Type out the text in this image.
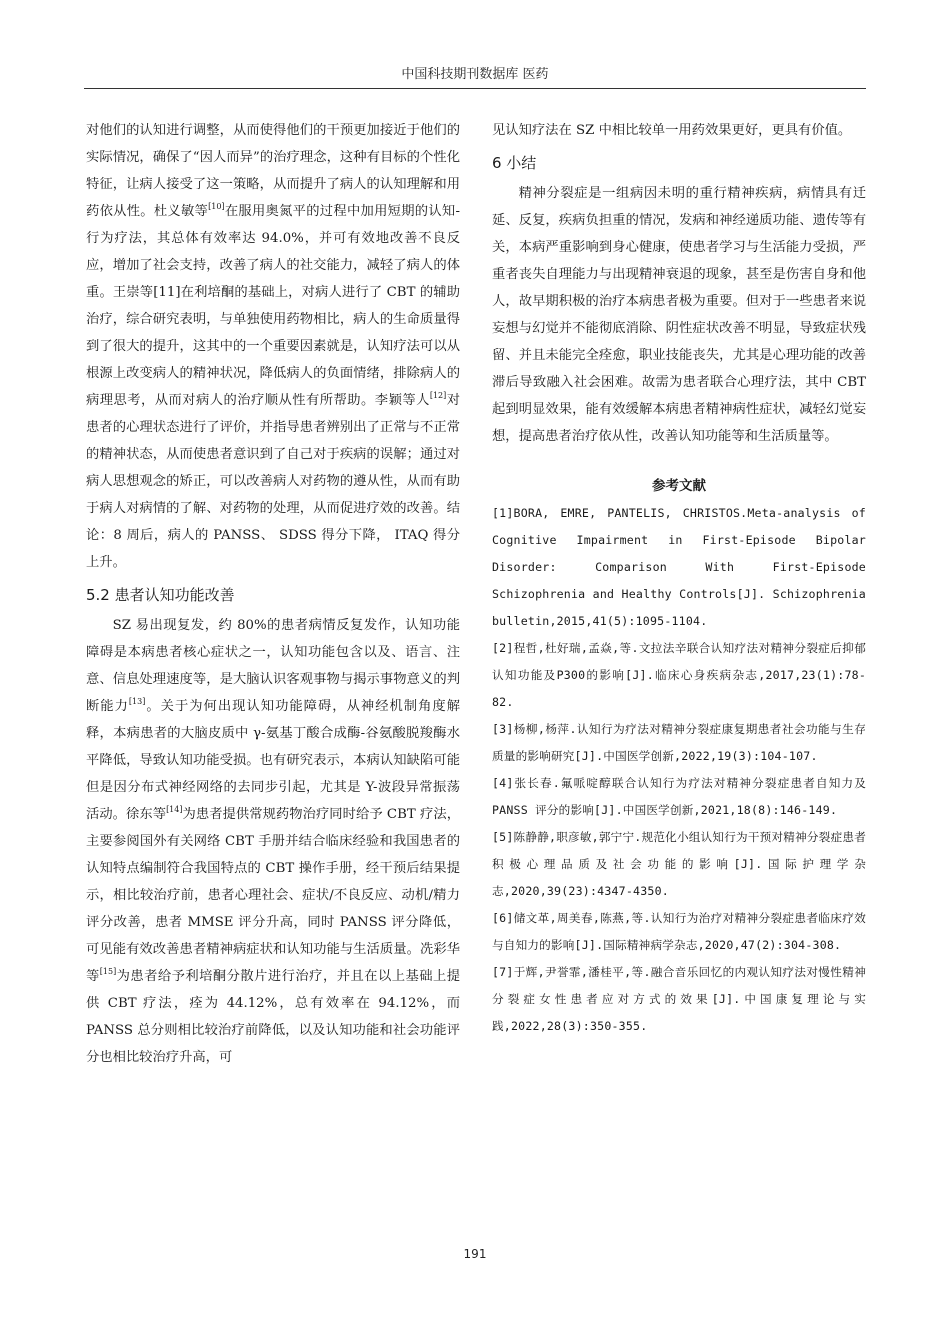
中国科技期刊数据库 医药

对他们的认知进行调整，从而使得他们的干预更加接近于他们的实际情况，确保了“因人而异”的治疗理念，这种有目标的个性化特征，让病人接受了这一策略，从而提升了病人的认知理解和用药依从性。杜义敏等[10]在服用奥氮平的过程中加用短期的认知-行为疗法，其总体有效率达 94.0%，并可有效地改善不良反应，增加了社会支持，改善了病人的社交能力，减轻了病人的体重。王崇等[11]在利培酮的基础上，对病人进行了 CBT 的辅助治疗，综合研究表明，与单独使用药物相比，病人的生命质量得到了很大的提升，这其中的一个重要因素就是，认知疗法可以从根源上改变病人的精神状况，降低病人的负面情绪，排除病人的病理思考，从而对病人的治疗顺从性有所帮助。李颖等人[12]对患者的心理状态进行了评价，并指导患者辨别出了正常与不正常的精神状态，从而使患者意识到了自己对于疾病的误解；通过对病人思想观念的矫正，可以改善病人对药物的遵从性，从而有助于病人对病情的了解、对药物的处理，从而促进疗效的改善。结论：8 周后，病人的 PANSS、 SDSS 得分下降， ITAQ 得分上升。

5.2 患者认知功能改善

SZ 易出现复发，约 80%的患者病情反复发作，认知功能障碍是本病患者核心症状之一，认知功能包含以及、语言、注意、信息处理速度等，是大脑认识客观事物与揭示事物意义的判断能力[13]。关于为何出现认知功能障碍，从神经机制角度解释，本病患者的大脑皮质中 γ-氨基丁酸合成酶-谷氨酸脱羧酶水平降低，导致认知功能受损。也有研究表示，本病认知缺陷可能但是因分布式神经网络的去同步引起，尤其是 Y-波段异常振荡活动。徐东等[14]为患者提供常规药物治疗同时给予 CBT 疗法，主要参阅国外有关网络 CBT 手册并结合临床经验和我国患者的认知特点编制符合我国特点的 CBT 操作手册，经干预后结果提示，相比较治疗前，患者心理社会、症状/不良反应、动机/精力评分改善，患者 MMSE 评分升高，同时 PANSS 评分降低，可见能有效改善患者精神病症状和认知功能与生活质量。冼彩华等[15]为患者给予利培酮分散片进行治疗，并且在以上基础上提供 CBT 疗法，痊为 44.12%，总有效率在 94.12%，而 PANSS 总分则相比较治疗前降低，以及认知功能和社会功能评分也相比较治疗升高，可

见认知疗法在 SZ 中相比较单一用药效果更好，更具有价值。

6 小结

精神分裂症是一组病因未明的重行精神疾病，病情具有迁延、反复，疾病负担重的情况，发病和神经递质功能、遗传等有关，本病严重影响到身心健康，使患者学习与生活能力受损，严重者丧失自理能力与出现精神衰退的现象，甚至是伤害自身和他人，故早期积极的治疗本病患者极为重要。但对于一些患者来说妄想与幻觉并不能彻底消除、阴性症状改善不明显，导致症状残留、并且未能完全痊愈，职业技能丧失，尤其是心理功能的改善滞后导致融入社会困难。故需为患者联合心理疗法，其中 CBT 起到明显效果，能有效缓解本病患者精神病性症状，减轻幻觉妄想，提高患者治疗依从性，改善认知功能等和生活质量等。

参考文献

[1]BORA, EMRE, PANTELIS, CHRISTOS.Meta-analysis of Cognitive Impairment in First-Episode Bipolar Disorder: Comparison With First-Episode Schizophrenia and Healthy Controls[J]. Schizophrenia bulletin,2015,41(5):1095-1104.

[2]程哲,杜好瑞,孟焱,等.文拉法辛联合认知疗法对精神分裂症后抑郁认知功能及P300的影响[J].临床心身疾病杂志,2017,23(1):78-82.

[3]杨柳,杨萍.认知行为疗法对精神分裂症康复期患者社会功能与生存质量的影响研究[J].中国医学创新,2022,19(3):104-107.

[4]张长春.氟哌啶醇联合认知行为疗法对精神分裂症患者自知力及 PANSS 评分的影响[J].中国医学创新,2021,18(8):146-149.

[5]陈静静,职彦敏,郭宁宁.规范化小组认知行为干预对精神分裂症患者积极心理品质及社会功能的影响[J].国际护理学杂志,2020,39(23):4347-4350.

[6]储文革,周美春,陈燕,等.认知行为治疗对精神分裂症患者临床疗效与自知力的影响[J].国际精神病学杂志,2020,47(2):304-308.

[7]于辉,尹誉霏,潘桂平,等.融合音乐回忆的内观认知疗法对慢性精神分裂症女性患者应对方式的效果[J].中国康复理论与实践,2022,28(3):350-355.

191
